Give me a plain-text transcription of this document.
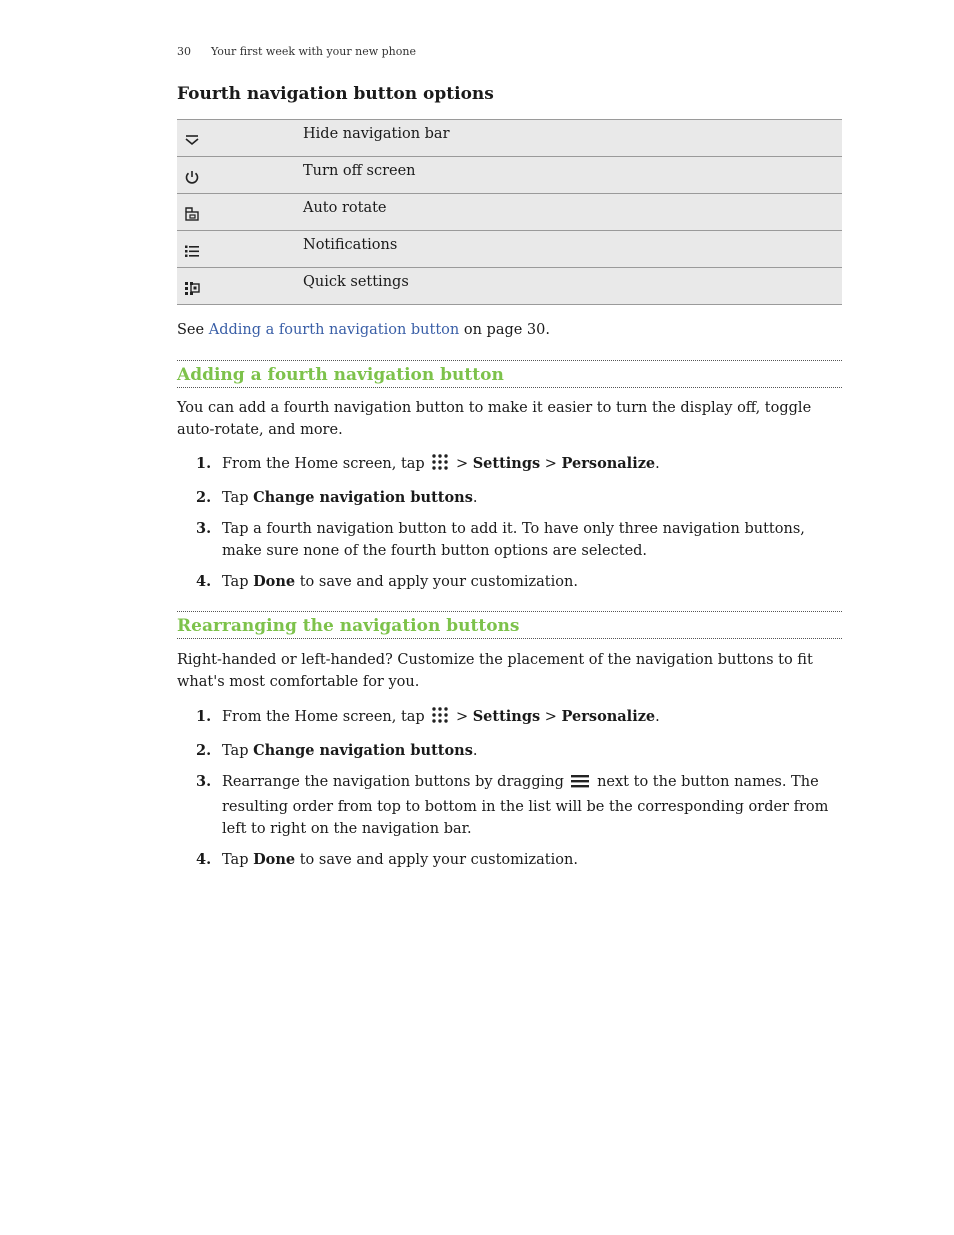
30 Your first week with your new phone
Fourth navigation button options
	Hide navigation bar

	Turn off screen

	Auto rotate

	Notifications

	Quick settings

See Adding a fourth navigation button on page 30.

Adding a fourth navigation button

You can add a fourth navigation button to make it easier to turn the display off, toggle auto-rotate, and more.

1. From the Home screen, tap > Settings > Personalize.
2. Tap Change navigation buttons.
3. Tap a fourth navigation button to add it. To have only three navigation buttons, make sure none of the fourth button options are selected.
4. Tap Done to save and apply your customization.
Rearranging the navigation buttons

Right-handed or left-handed? Customize the placement of the navigation buttons to fit what's most comfortable for you.

1. From the Home screen, tap > Settings > Personalize.
2. Tap Change navigation buttons.
3. Rearrange the navigation buttons by dragging next to the button names. The resulting order from top to bottom in the list will be the corresponding order from left to right on the navigation bar.
4. Tap Done to save and apply your customization.
